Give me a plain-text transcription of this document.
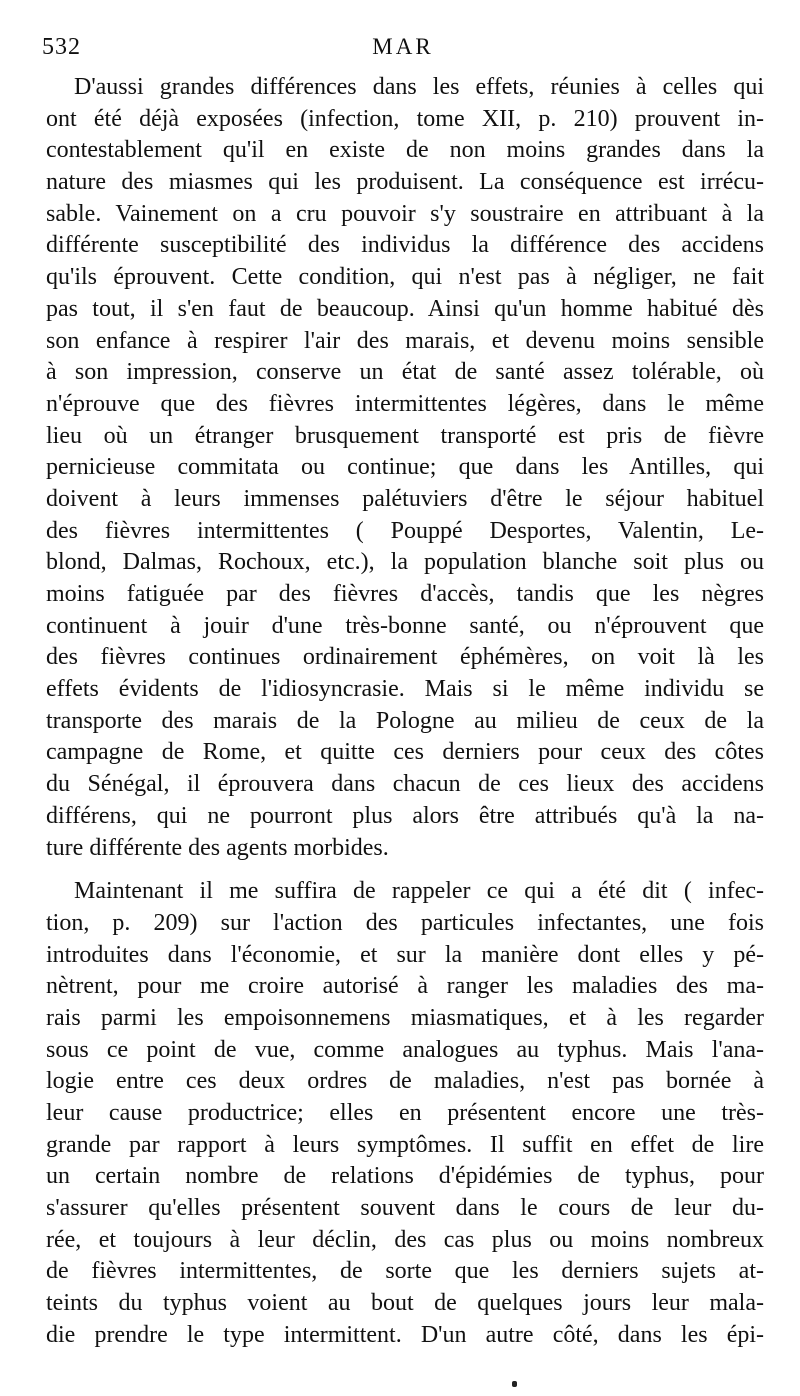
532	MAR
D'aussi grandes différences dans les effets, réunies à celles qui
ont été déjà exposées (infection, tome XII, p. 210) prouvent in-
contestablement qu'il en existe de non moins grandes dans la
nature des miasmes qui les produisent. La conséquence est irrécu-
sable. Vainement on a cru pouvoir s'y soustraire en attribuant à la
différente susceptibilité des individus la différence des accidens
qu'ils éprouvent. Cette condition, qui n'est pas à négliger, ne fait
pas tout, il s'en faut de beaucoup. Ainsi qu'un homme habitué dès
son enfance à respirer l'air des marais, et devenu moins sensible
à son impression, conserve un état de santé assez tolérable, où
n'éprouve que des fièvres intermittentes légères, dans le même
lieu où un étranger brusquement transporté est pris de fièvre
pernicieuse commitata ou continue; que dans les Antilles, qui
doivent à leurs immenses palétuviers d'être le séjour habituel
des fièvres intermittentes ( Pouppé Desportes, Valentin, Le-
blond, Dalmas, Rochoux, etc.), la population blanche soit plus ou
moins fatiguée par des fièvres d'accès, tandis que les nègres
continuent à jouir d'une très-bonne santé, ou n'éprouvent que
des fièvres continues ordinairement éphémères, on voit là les
effets évidents de l'idiosyncrasie. Mais si le même individu se
transporte des marais de la Pologne au milieu de ceux de la
campagne de Rome, et quitte ces derniers pour ceux des côtes
du Sénégal, il éprouvera dans chacun de ces lieux des accidens
différens, qui ne pourront plus alors être attribués qu'à la na-
ture différente des agents morbides.
Maintenant il me suffira de rappeler ce qui a été dit ( infec-
tion, p. 209) sur l'action des particules infectantes, une fois
introduites dans l'économie, et sur la manière dont elles y pé-
nètrent, pour me croire autorisé à ranger les maladies des ma-
rais parmi les empoisonnemens miasmatiques, et à les regarder
sous ce point de vue, comme analogues au typhus. Mais l'ana-
logie entre ces deux ordres de maladies, n'est pas bornée à
leur cause productrice; elles en présentent encore une très-
grande par rapport à leurs symptômes. Il suffit en effet de lire
un certain nombre de relations d'épidémies de typhus, pour
s'assurer qu'elles présentent souvent dans le cours de leur du-
rée, et toujours à leur déclin, des cas plus ou moins nombreux
de fièvres intermittentes, de sorte que les derniers sujets at-
teints du typhus voient au bout de quelques jours leur mala-
die prendre le type intermittent. D'un autre côté, dans les épi-
